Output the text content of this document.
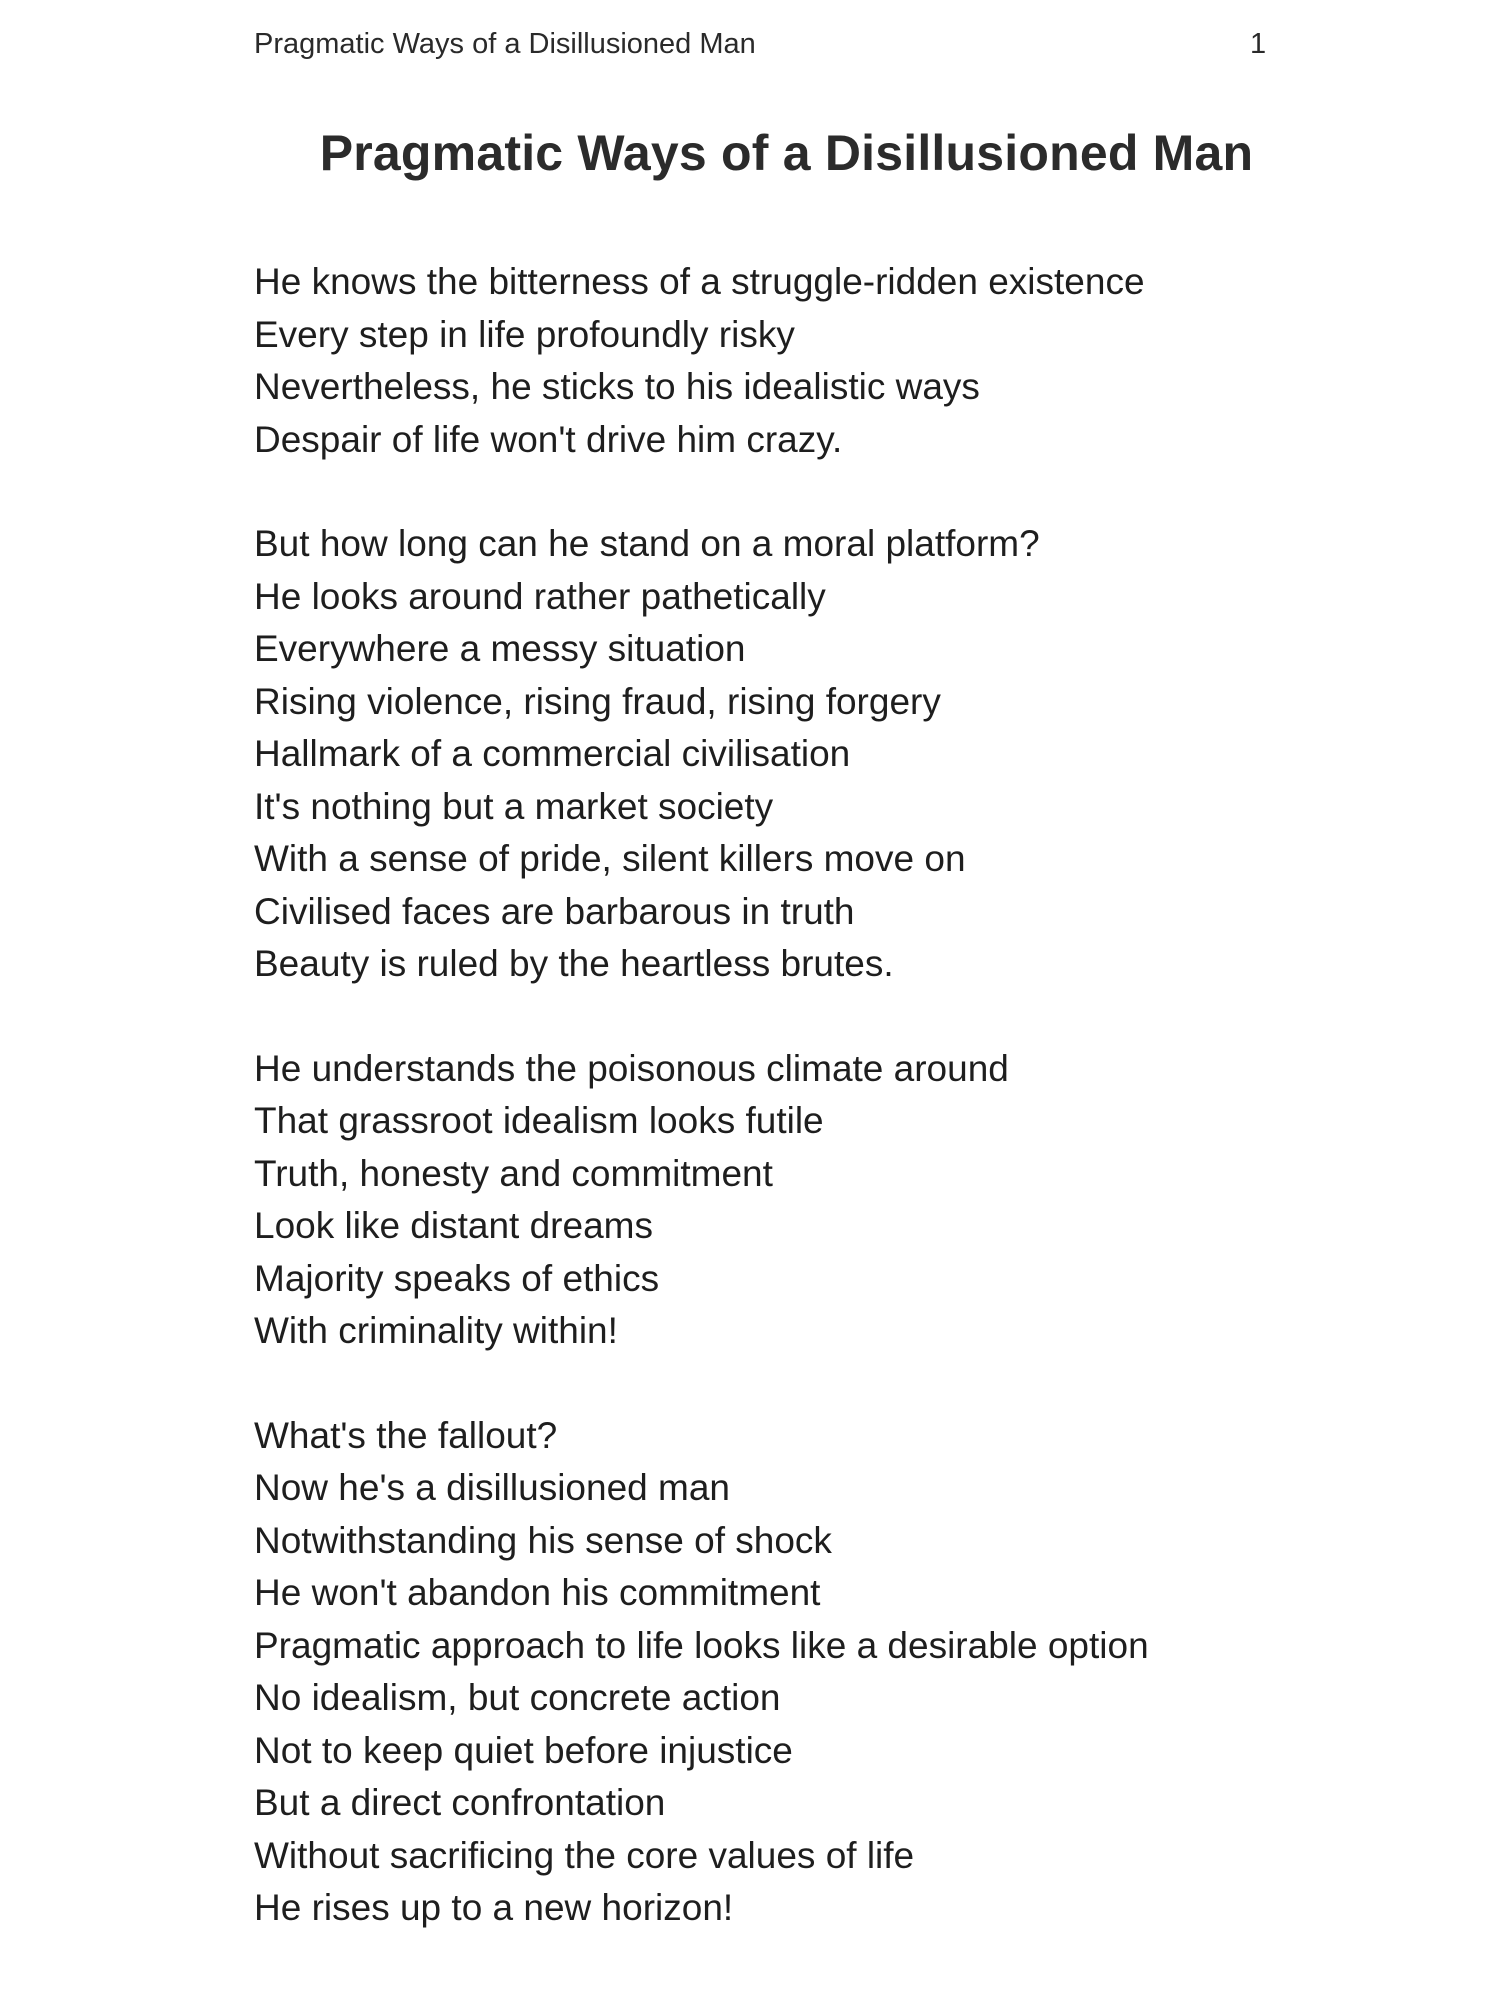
Pragmatic Ways of a Disillusioned Man	1
Pragmatic Ways of a Disillusioned Man
He knows the bitterness of a struggle-ridden existence
Every step in life profoundly risky
Nevertheless, he sticks to his idealistic ways
Despair of life won't drive him crazy.
But how long can he stand on a moral platform?
He looks around rather pathetically
Everywhere a messy situation
Rising violence, rising fraud, rising forgery
Hallmark of a commercial civilisation
It's nothing but a market society
With a sense of pride, silent killers move on
Civilised faces are barbarous in truth
Beauty is ruled by the heartless brutes.
He understands the poisonous climate around
That grassroot idealism looks futile
Truth, honesty and commitment
Look like distant dreams
Majority speaks of ethics
With criminality within!
What's the fallout?
Now he's a disillusioned man
Notwithstanding his sense of shock
He won't abandon his commitment
Pragmatic approach to life looks like a desirable option
No idealism, but concrete action
Not to keep quiet before injustice
But a direct confrontation
Without sacrificing the core values of life
He rises up to a new horizon!
